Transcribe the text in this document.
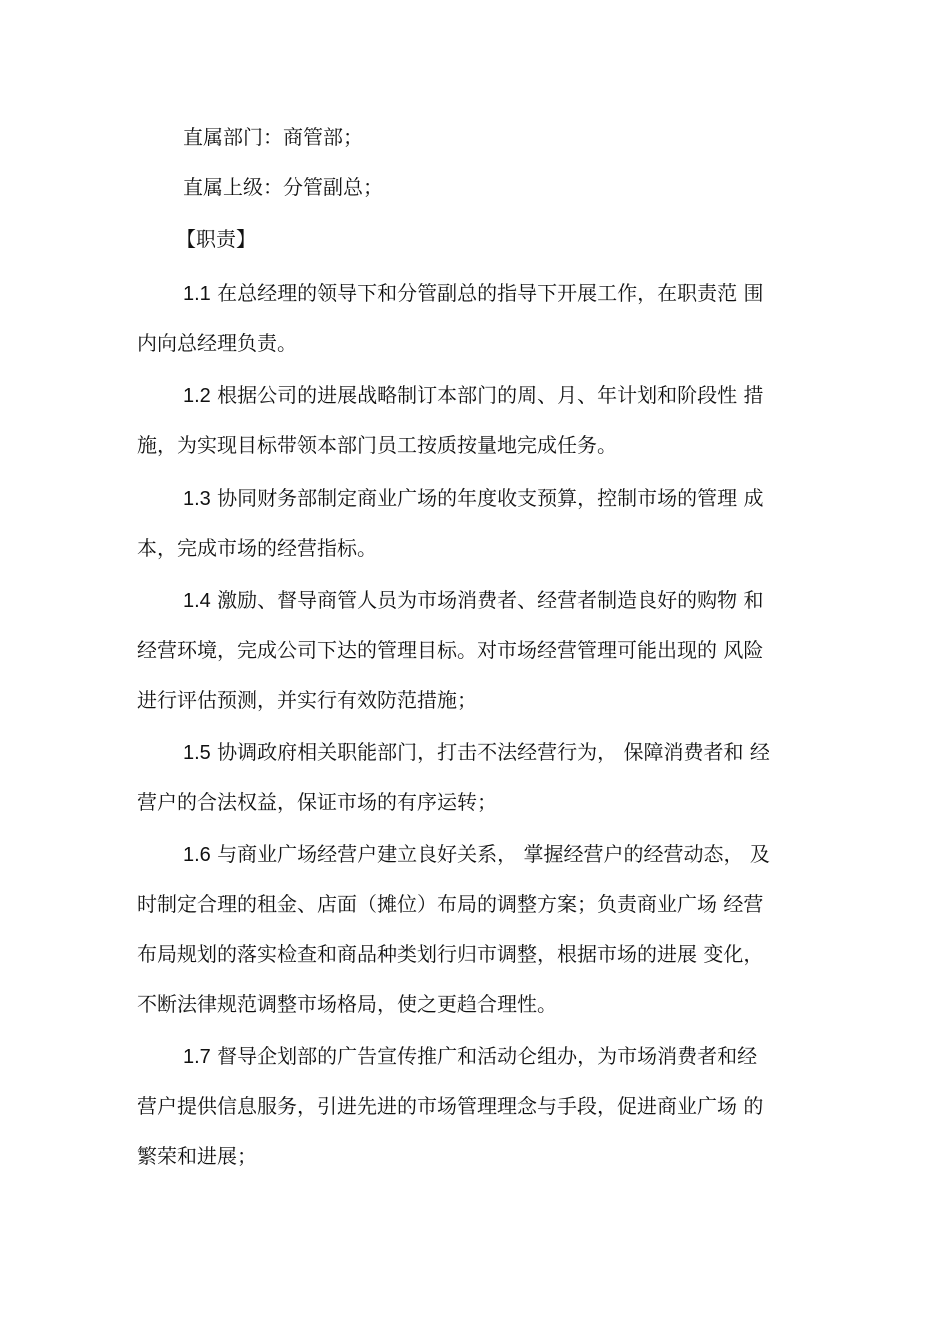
直属部门：商管部；
直属上级：分管副总；
【职责】
1.1 在总经理的领导下和分管副总的指导下开展工作，在职责范 围
内向总经理负责。
1.2 根据公司的进展战略制订本部门的周、月、年计划和阶段性 措
施，为实现目标带领本部门员工按质按量地完成任务。
1.3 协同财务部制定商业广场的年度收支预算，控制市场的管理 成
本，完成市场的经营指标。
1.4 激励、督导商管人员为市场消费者、经营者制造良好的购物 和
经营环境，完成公司下达的管理目标。对市场经营管理可能出现的 风险
进行评估预测，并实行有效防范措施；
1.5 协调政府相关职能部门，打击不法经营行为， 保障消费者和 经
营户的合法权益，保证市场的有序运转；
1.6 与商业广场经营户建立良好关系， 掌握经营户的经营动态， 及
时制定合理的租金、店面（摊位）布局的调整方案；负责商业广场 经营
布局规划的落实检查和商品种类划行归市调整，根据市场的进展 变化，
不断法律规范调整市场格局，使之更趋合理性。
1.7 督导企划部的广告宣传推广和活动仑组办，为市场消费者和经
营户提供信息服务，引进先进的市场管理理念与手段，促进商业广场 的
繁荣和进展；
